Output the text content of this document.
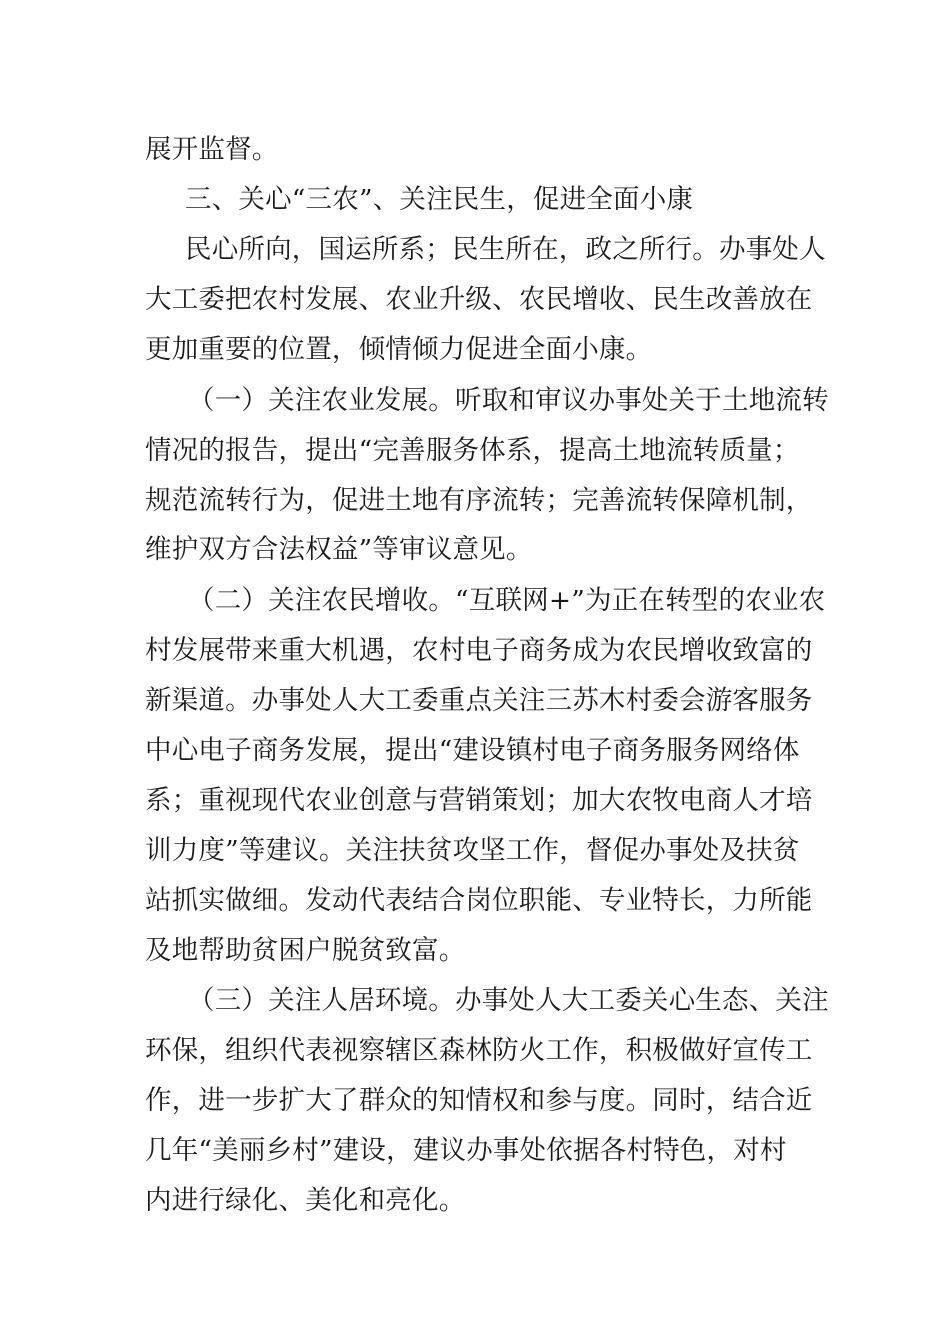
展开监督。
三、关心“三农”、关注民生，促进全面小康
民心所向，国运所系；民生所在，政之所行。办事处人
大工委把农村发展、农业升级、农民增收、民生改善放在
更加重要的位置，倾情倾力促进全面小康。
（一）关注农业发展。听取和审议办事处关于土地流转
情况的报告，提出“完善服务体系，提高土地流转质量；
规范流转行为，促进土地有序流转；完善流转保障机制，
维护双方合法权益”等审议意见。
（二）关注农民增收。“互联网+”为正在转型的农业农
村发展带来重大机遇，农村电子商务成为农民增收致富的
新渠道。办事处人大工委重点关注三苏木村委会游客服务
中心电子商务发展，提出“建设镇村电子商务服务网络体
系；重视现代农业创意与营销策划；加大农牧电商人才培
训力度”等建议。关注扶贫攻坚工作，督促办事处及扶贫
站抓实做细。发动代表结合岗位职能、专业特长，力所能
及地帮助贫困户脱贫致富。
（三）关注人居环境。办事处人大工委关心生态、关注
环保，组织代表视察辖区森林防火工作，积极做好宣传工
作，进一步扩大了群众的知情权和参与度。同时，结合近
几年“美丽乡村”建设，建议办事处依据各村特色，对村
内进行绿化、美化和亮化。
